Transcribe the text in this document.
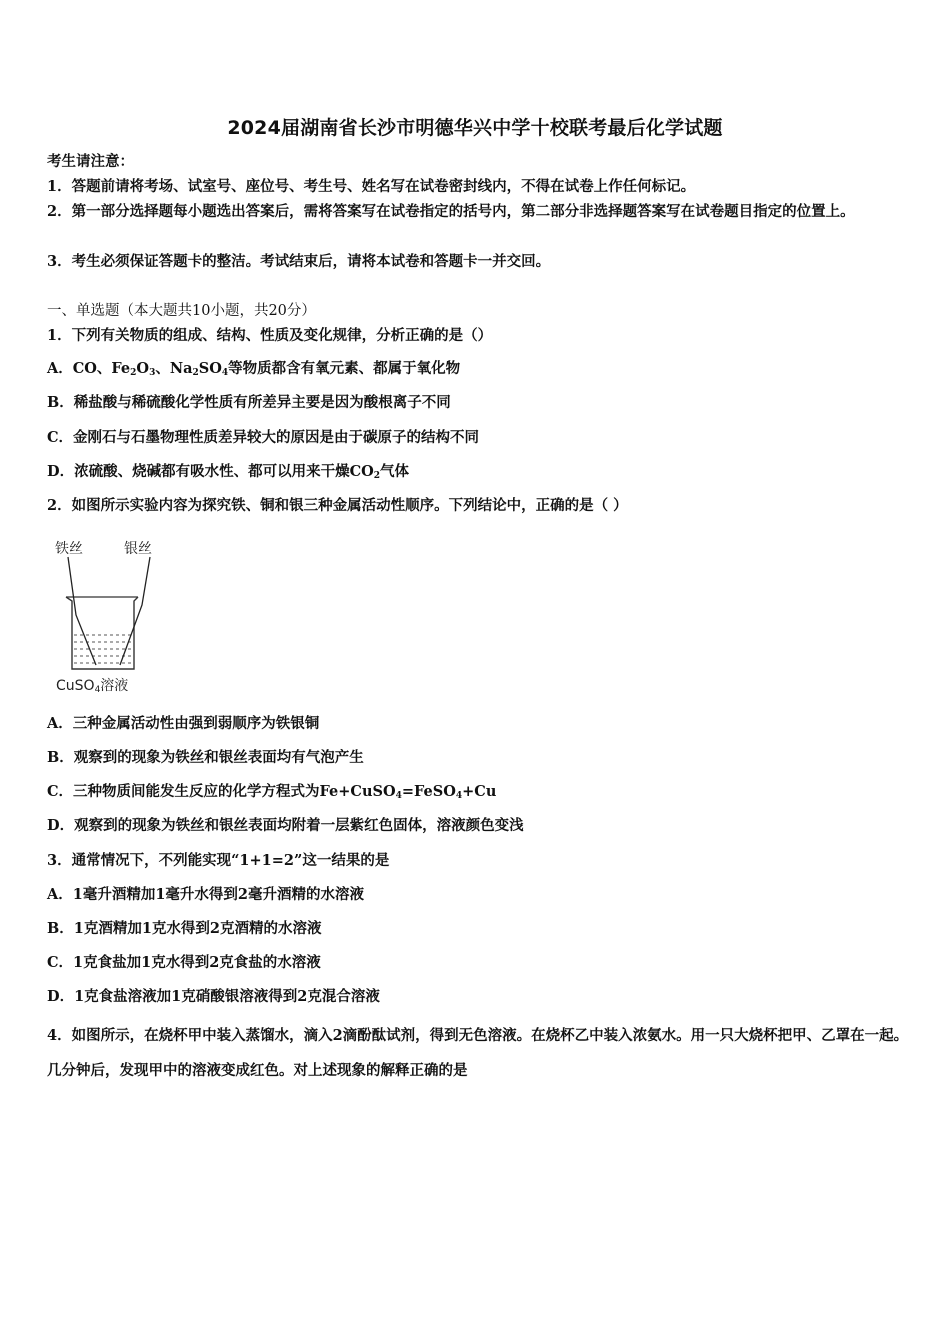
2024届湖南省长沙市明德华兴中学十校联考最后化学试题
考生请注意：
1．答题前请将考场、试室号、座位号、考生号、姓名写在试卷密封线内，不得在试卷上作任何标记。
2．第一部分选择题每小题选出答案后，需将答案写在试卷指定的括号内，第二部分非选择题答案写在试卷题目指定的位置上。
3．考生必须保证答题卡的整洁。考试结束后，请将本试卷和答题卡一并交回。
一、单选题（本大题共10小题，共20分）
1．下列有关物质的组成、结构、性质及变化规律，分析正确的是（）
A．CO、$Fe_2O_3$、$Na_2SO_4$等物质都含有氧元素、都属于氧化物
B．稀盐酸与稀硫酸化学性质有所差异主要是因为酸根离子不同
C．金刚石与石墨物理性质差异较大的原因是由于碳原子的结构不同
D．浓硫酸、烧碱都有吸水性、都可以用来干燥$CO_2$气体
2．如图所示实验内容为探究铁、铜和银三种金属活动性顺序。下列结论中，正确的是（ ）
铁丝	银丝
CuSO4溶液
A．三种金属活动性由强到弱顺序为铁银铜
B．观察到的现象为铁丝和银丝表面均有气泡产生
C．三种物质间能发生反应的化学方程式为Fe+CuSO$_4$=FeSO$_4$+Cu
D．观察到的现象为铁丝和银丝表面均附着一层紫红色固体，溶液颜色变浅
3．通常情况下，不列能实现“1+1=2”这一结果的是
A．1毫升酒精加1毫升水得到2毫升酒精的水溶液
B．1克酒精加1克水得到2克酒精的水溶液
C．1克食盐加1克水得到2克食盐的水溶液
D．1克食盐溶液加1克硝酸银溶液得到2克混合溶液
4．如图所示，在烧杯甲中装入蒸馏水，滴入2滴酚酞试剂，得到无色溶液。在烧杯乙中装入浓氨水。用一只大烧杯把甲、乙罩在一起。几分钟后，发现甲中的溶液变成红色。对上述现象的解释正确的是
